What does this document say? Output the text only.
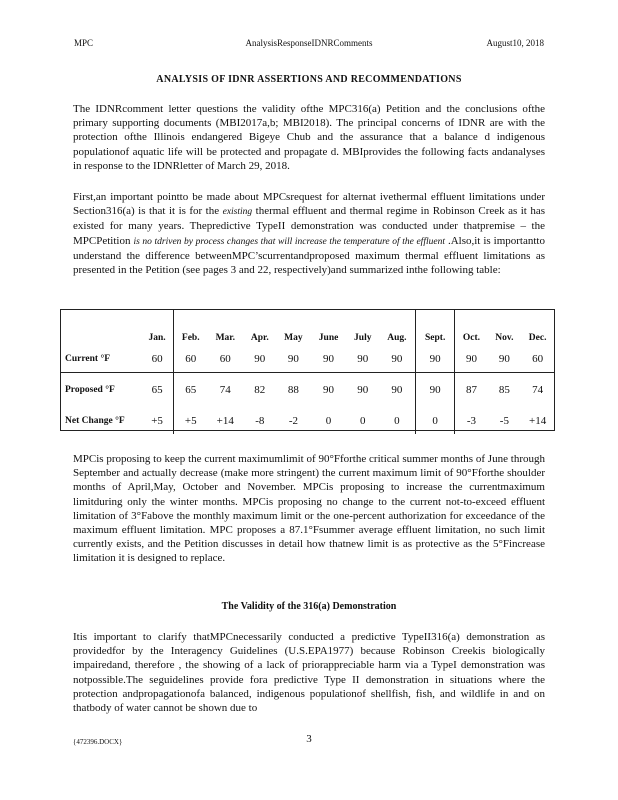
MPC	AnalysisResponseIDNRComments	August10, 2018
ANALYSIS OF IDNR ASSERTIONS AND RECOMMENDATIONS
The IDNRcomment letter questions the validity ofthe MPC316(a) Petition and the conclusions ofthe primary supporting documents (MBI2017a,b; MBI2018). The principal concerns of IDNR are with the protection ofthe Illinois endangered Bigeye Chub and the assurance that a balance d indigenous populationof aquatic life will be protected and propagate d. MBIprovides the following facts andanalyses in response to the IDNRletter of March 29, 2018.
First,an important pointto be made about MPCsrequest for alternat ivethermal effluent limitations under Section316(a) is that it is for the existing thermal effluent and thermal regime in Robinson Creek as it has existed for many years. Thepredictive TypeII demonstration was conducted under thatpremise – the MPCPetition is no tdriven by process changes that will increase the temperature of the effluent .Also,it is importantto understand the difference betweenMPC’scurrentandproposed maximum thermal effluent limitations as presented in the Petition (see pages 3 and 22, respectively)and summarized inthe following table:
	Jan.	Feb.	Mar.	Apr.	May	June	July	Aug.	Sept.	Oct.	Nov.	Dec.
Current °F	60	60	60	90	90	90	90	90	90	90	90	60
Proposed °F	65	65	74	82	88	90	90	90	90	87	85	74
Net Change °F	+5	+5	+14	-8	-2	0	0	0	0	-3	-5	+14
MPCis proposing to keep the current maximumlimit of 90°Fforthe critical summer months of June through September and actually decrease (make more stringent) the current maximum limit of 90°Fforthe shoulder months of April,May, October and November. MPCis proposing to increase the currentmaximum limitduring only the winter months. MPCis proposing no change to the current not-to-exceed effluent limitation of 3°Fabove the monthly maximum limit or the one-percent authorization for exceedance of the maximum effluent limitation. MPC proposes a 87.1°Fsummer average effluent limitation, no such limit currently exists, and the Petition discusses in detail how thatnew limit is as protective as the 5°Fincrease limitation it is designed to replace.
The Validity of the 316(a) Demonstration
Itis important to clarify thatMPCnecessarily conducted a predictive TypeII316(a) demonstration as providedfor by the Interagency Guidelines (U.S.EPA1977) because Robinson Creekis biologically impairedand, therefore , the showing of a lack of priorappreciable harm via a TypeI demonstration was notpossible.The seguidelines provide fora predictive Type II demonstration in situations where the protection andpropagationofa balanced, indigenous populationof shellfish, fish, and wildlife in and on thatbody of water cannot be shown due to
{472396.DOCX}	3
